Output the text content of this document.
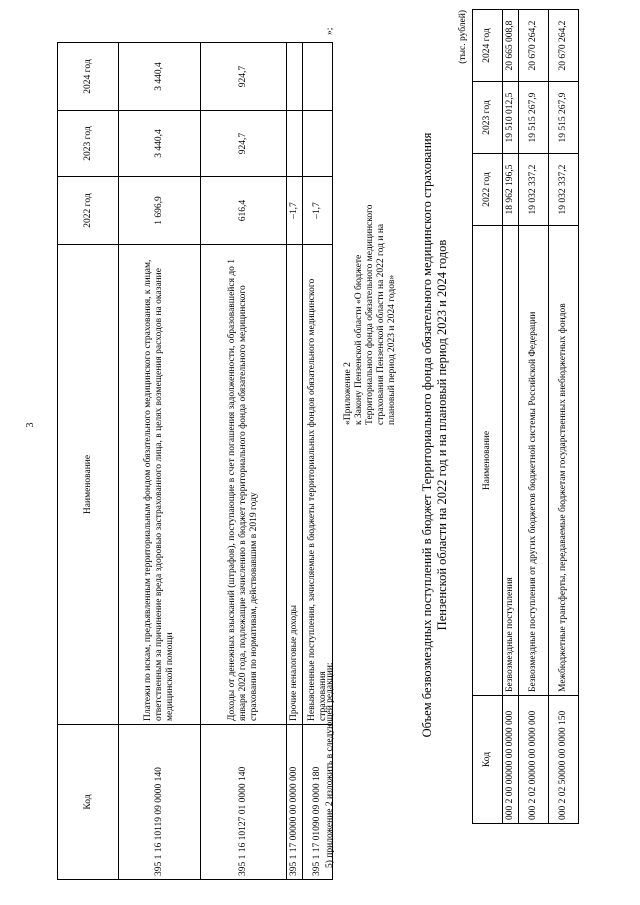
3
Код	Наименование	2022 год	2023 год	2024 год
395 1 16 10119 09 0000 140	Платежи по искам, предъявленным территориальным фондом обязательного медицинского страхования, к лицам, ответственным за причинение вреда здоровью застрахованного лица, в целях возмещения расходов на оказание медицинской помощи	1 696,9	3 440,4	3 440,4
395 1 16 10127 01 0000 140	Доходы от денежных взысканий (штрафов), поступающие в счет погашения задолженности, образовавшейся до 1 января 2020 года, подлежащие зачислению в бюджет территориального фонда обязательного медицинского страхования по нормативам, действовавшим в 2019 году	616,4	924,7	924,7
395 1 17 00000 00 0000 000	Прочие неналоговые доходы	–1,7		
395 1 17 01090 09 0000 180	Невыясненные поступления, зачисляемые в бюджеты территориальных фондов обязательного медицинского страхования	–1,7		
»;
5) приложение 2 изложить в следующей редакции:
«Приложение 2 к Закону Пензенской области «О бюджете Территориального фонда обязательного медицинского страхования Пензенской области на 2022 год и на плановый период 2023 и 2024 годов» Объем безвозмездных поступлений в бюджет Территориального фонда обязательного медицинского страхования Пензенской области на 2022 год и на плановый период 2023 и 2024 годов
(тыс. рублей)
Код	Наименование	2022 год	2023 год	2024 год
000 2 00 00000 00 0000 000	Безвозмездные поступления	18 962 196,5	19 510 012,5	20 665 008,8
000 2 02 00000 00 0000 000	Безвозмездные поступления от других бюджетов бюджетной системы Российской Федерации	19 032 337,2	19 515 267,9	20 670 264,2
000 2 02 50000 00 0000 150	Межбюджетные трансферты, передаваемые бюджетам государственных внебюджетных фондов	19 032 337,2	19 515 267,9	20 670 264,2
